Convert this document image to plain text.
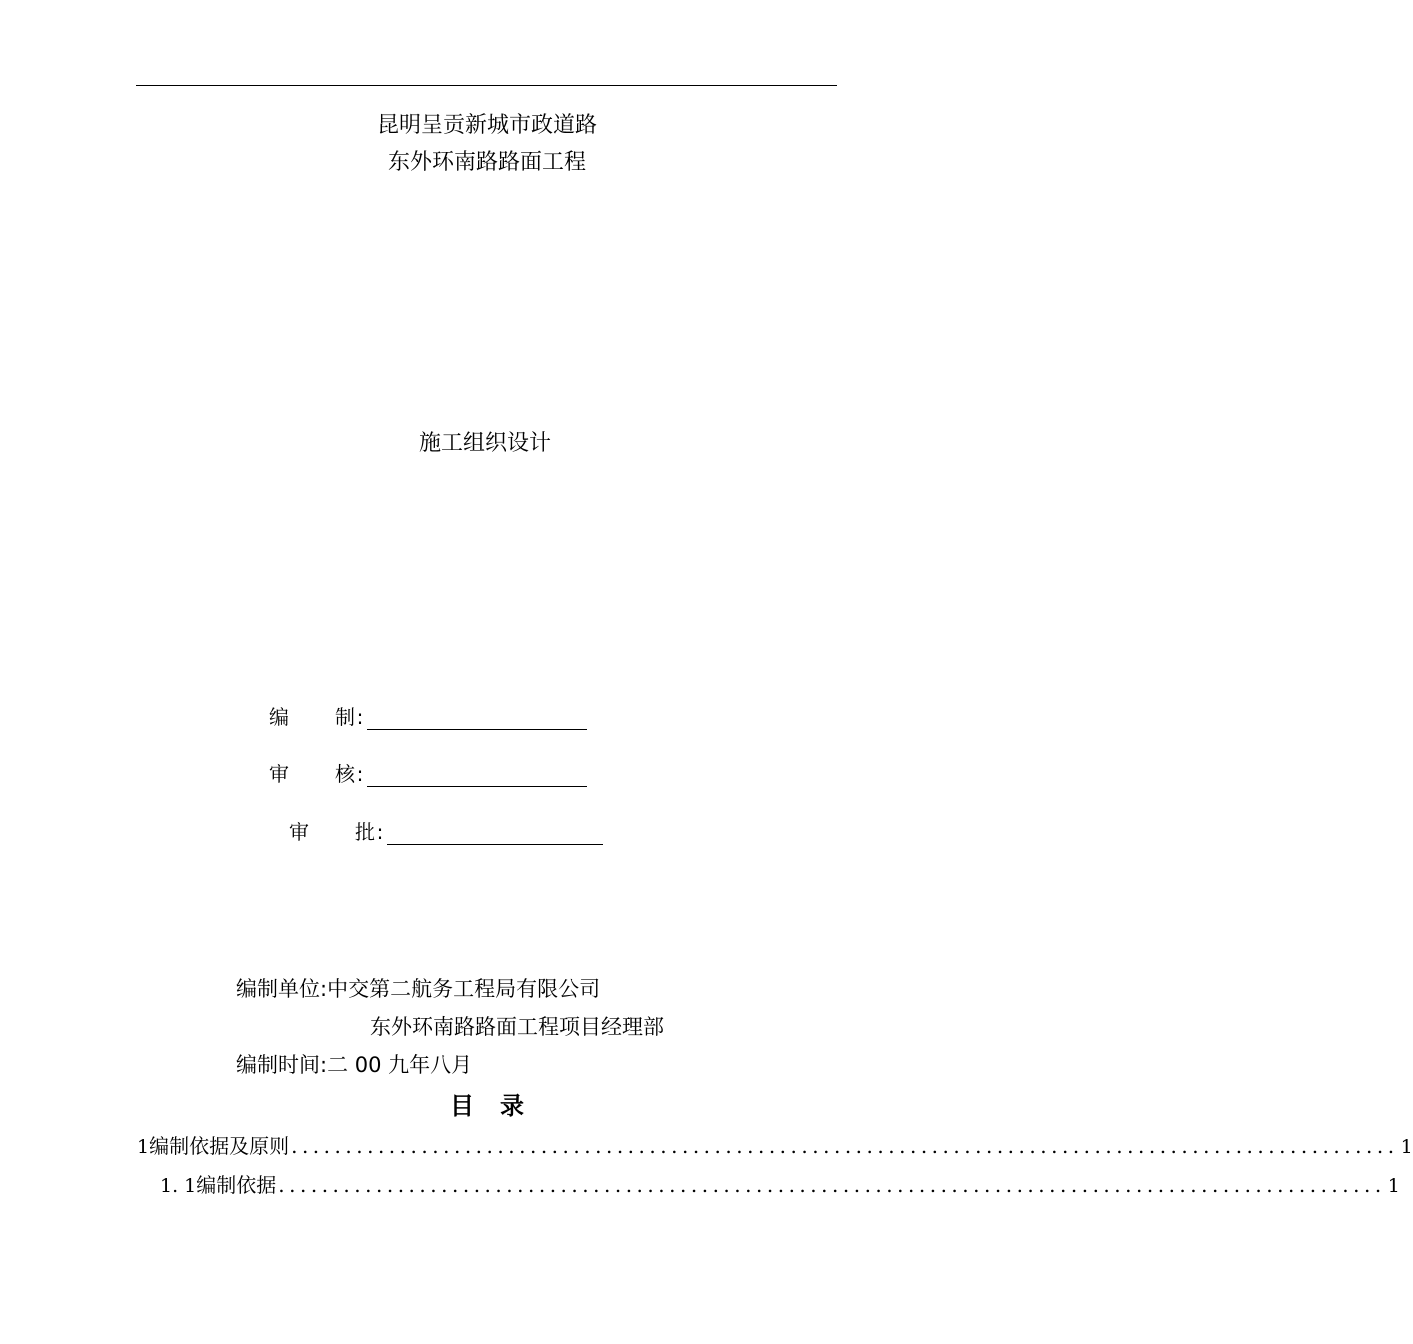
昆明呈贡新城市政道路
东外环南路路面工程
施工组织设计
编 制 :
审 核 :
审 批 :
编制单位:中交第二航务工程局有限公司
东外环南路路面工程项目经理部
编制时间:二 00 九年八月
目 录
1 编制依据及原则 ...................................................................................................... 1
1. 1 编制依据 ...................................................................................................... 1
